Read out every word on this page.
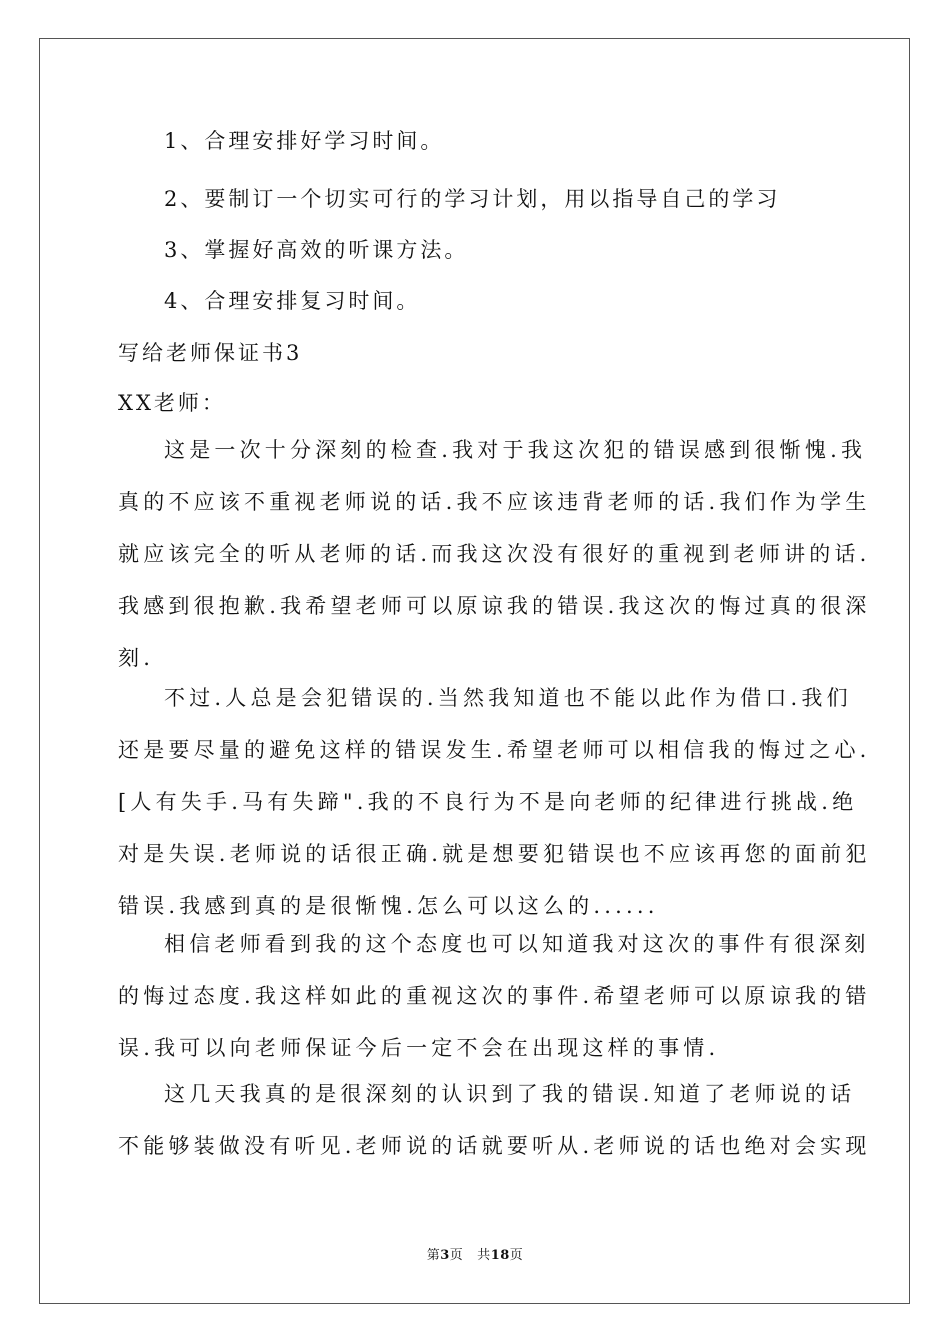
1、合理安排好学习时间。
2、要制订一个切实可行的学习计划，用以指导自己的学习
3、掌握好高效的听课方法。
4、合理安排复习时间。
写给老师保证书3
XX老师：
这是一次十分深刻的检查.我对于我这次犯的错误感到很惭愧.我
真的不应该不重视老师说的话.我不应该违背老师的话.我们作为学生
就应该完全的听从老师的话.而我这次没有很好的重视到老师讲的话.
我感到很抱歉.我希望老师可以原谅我的错误.我这次的悔过真的很深
刻.
不过.人总是会犯错误的.当然我知道也不能以此作为借口.我们
还是要尽量的避免这样的错误发生.希望老师可以相信我的悔过之心.
[人有失手.马有失蹄".我的不良行为不是向老师的纪律进行挑战.绝
对是失误.老师说的话很正确.就是想要犯错误也不应该再您的面前犯
错误.我感到真的是很惭愧.怎么可以这么的......
相信老师看到我的这个态度也可以知道我对这次的事件有很深刻
的悔过态度.我这样如此的重视这次的事件.希望老师可以原谅我的错
误.我可以向老师保证今后一定不会在出现这样的事情.
这几天我真的是很深刻的认识到了我的错误.知道了老师说的话
不能够装做没有听见.老师说的话就要听从.老师说的话也绝对会实现
第3页 共18页
